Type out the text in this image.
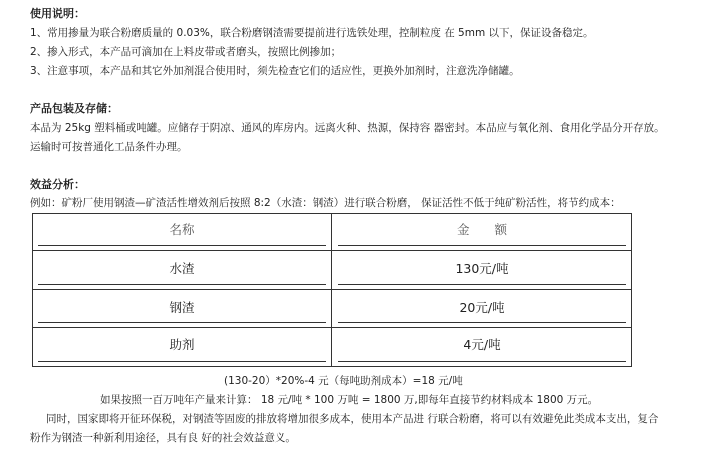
使用说明：
1、常用掺量为联合粉磨质量的 0.03%，联合粉磨钢渣需要提前进行选铁处理，控制粒度 在 5mm 以下，保证设备稳定。
2、掺入形式，本产品可滴加在上料皮带或者磨头，按照比例掺加；
3、注意事项，本产品和其它外加剂混合使用时，须先检查它们的适应性，更换外加剂时，注意洗净储罐。
产品包装及存储：
本品为 25kg 塑料桶或吨罐。应储存于阴凉、通风的库房内。远离火种、热源，保持容 器密封。本品应与氧化剂、食用化学品分开存放。
运输时可按普通化工品条件办理。
效益分析：
例如：矿粉厂使用钢渣—矿渣活性增效剂后按照 8:2（水渣：钢渣）进行联合粉磨， 保证活性不低于纯矿粉活性，将节约成本：
名称	金　　额
水渣	130元/吨
钢渣	20元/吨
助剂	4元/吨
(130-20）*20%-4 元（每吨助剂成本）=18 元/吨
如果按照一百万吨年产量来计算： 18 元/吨 * 100 万吨 = 1800 万,即每年直接节约材料成本 1800 万元。
同时，国家即将开征环保税，对钢渣等固废的排放将增加很多成本，使用本产品进 行联合粉磨，将可以有效避免此类成本支出，复合
粉作为钢渣一种新利用途径，具有良 好的社会效益意义。
